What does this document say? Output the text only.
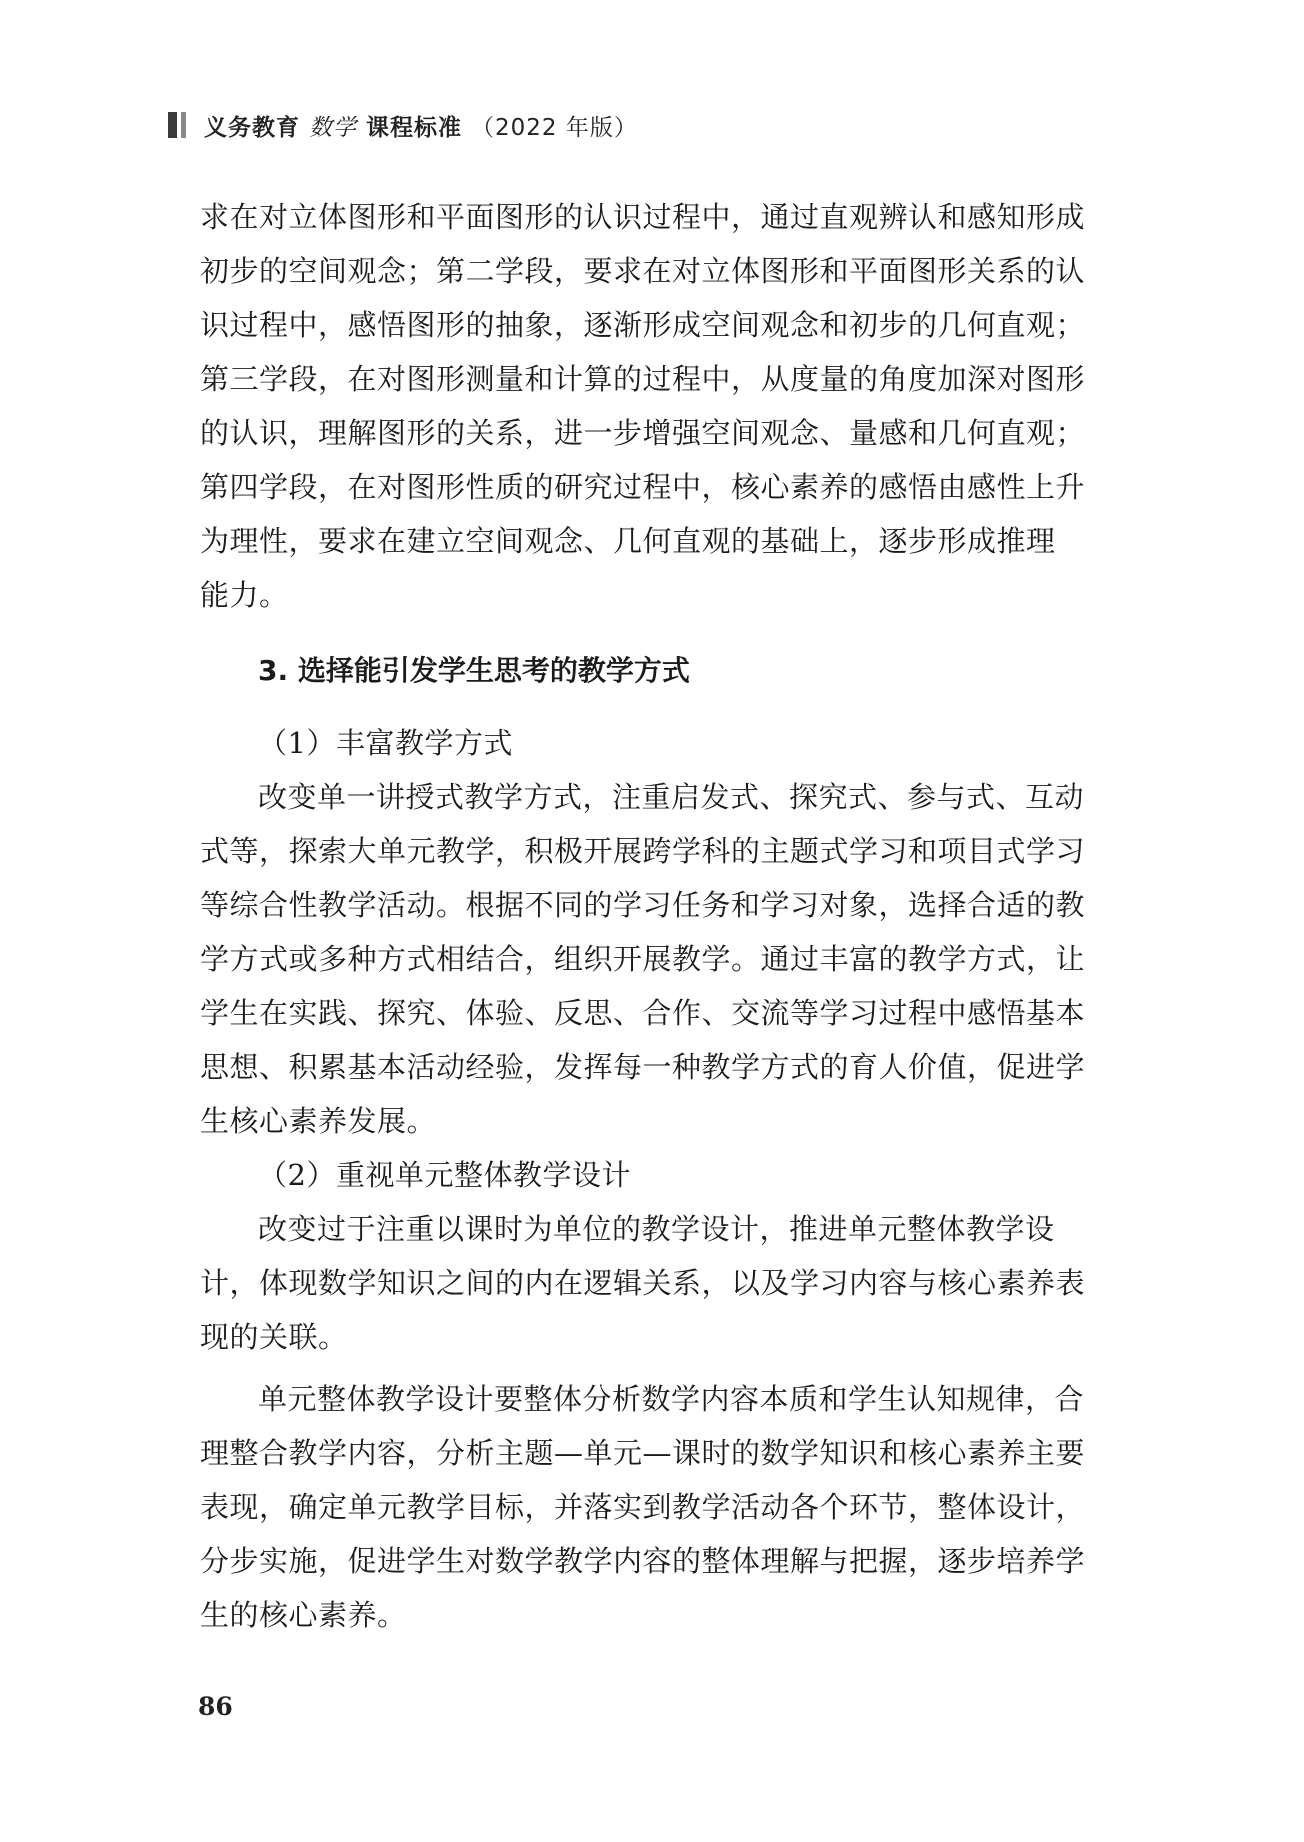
义务教育 数学 课程标准 （2022 年版）
求在对立体图形和平面图形的认识过程中，通过直观辨认和感知形成
初步的空间观念；第二学段，要求在对立体图形和平面图形关系的认
识过程中，感悟图形的抽象，逐渐形成空间观念和初步的几何直观；
第三学段，在对图形测量和计算的过程中，从度量的角度加深对图形
的认识，理解图形的关系，进一步增强空间观念、量感和几何直观；
第四学段，在对图形性质的研究过程中，核心素养的感悟由感性上升
为理性，要求在建立空间观念、几何直观的基础上，逐步形成推理
能力。
3. 选择能引发学生思考的教学方式
（1）丰富教学方式
改变单一讲授式教学方式，注重启发式、探究式、参与式、互动
式等，探索大单元教学，积极开展跨学科的主题式学习和项目式学习
等综合性教学活动。根据不同的学习任务和学习对象，选择合适的教
学方式或多种方式相结合，组织开展教学。通过丰富的教学方式，让
学生在实践、探究、体验、反思、合作、交流等学习过程中感悟基本
思想、积累基本活动经验，发挥每一种教学方式的育人价值，促进学
生核心素养发展。
（2）重视单元整体教学设计
改变过于注重以课时为单位的教学设计，推进单元整体教学设
计，体现数学知识之间的内在逻辑关系，以及学习内容与核心素养表
现的关联。
单元整体教学设计要整体分析数学内容本质和学生认知规律，合
理整合教学内容，分析主题—单元—课时的数学知识和核心素养主要
表现，确定单元教学目标，并落实到教学活动各个环节，整体设计，
分步实施，促进学生对数学教学内容的整体理解与把握，逐步培养学
生的核心素养。
86
